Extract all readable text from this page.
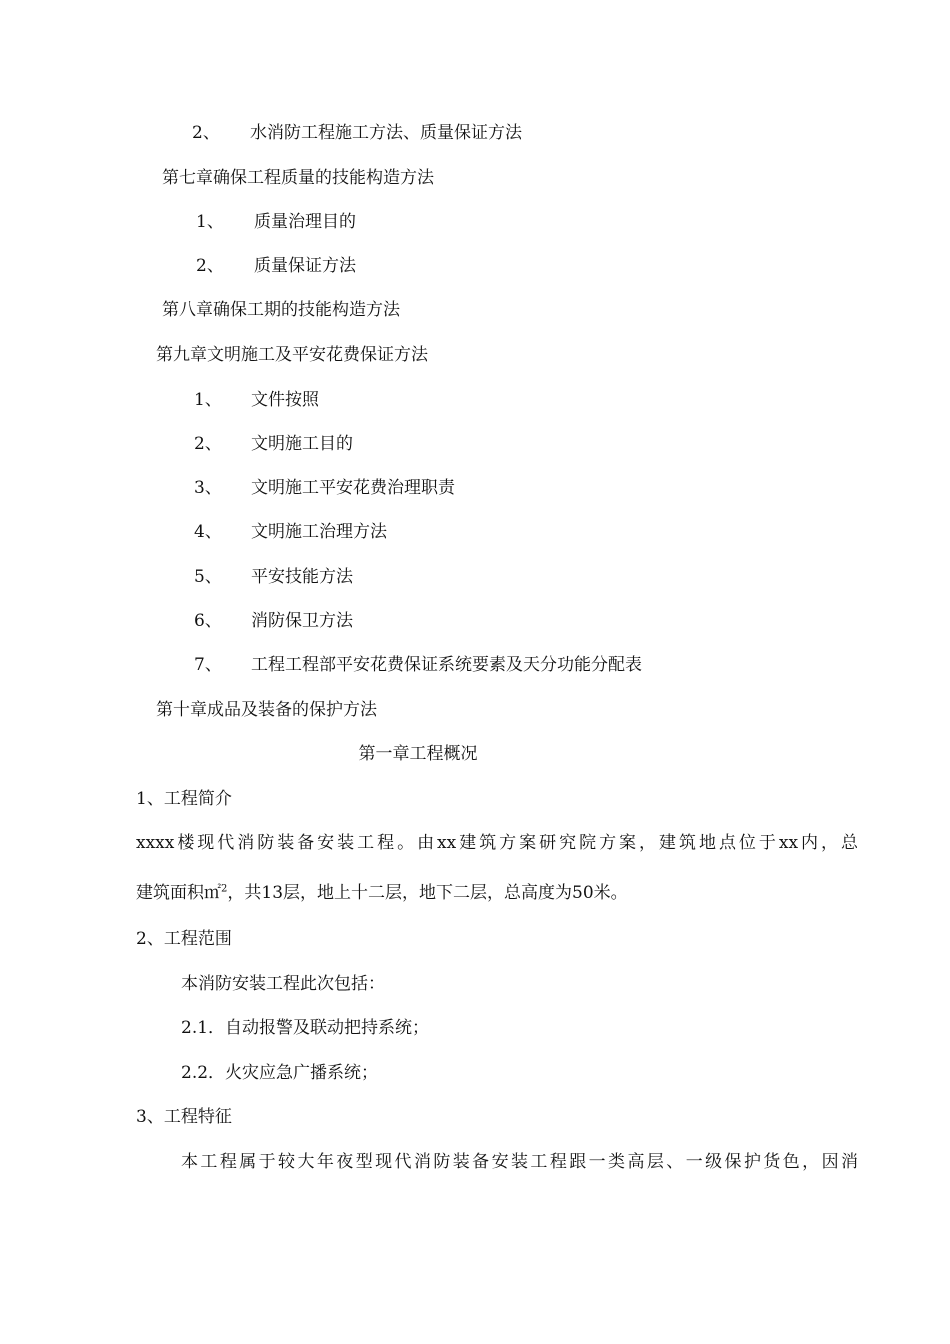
2、 水消防工程施工方法、质量保证方法
第七章确保工程质量的技能构造方法
1、 质量治理目的
2、 质量保证方法
第八章确保工期的技能构造方法
第九章文明施工及平安花费保证方法
1、 文件按照
2、 文明施工目的
3、 文明施工平安花费治理职责
4、 文明施工治理方法
5、 平安技能方法
6、 消防保卫方法
7、 工程工程部平安花费保证系统要素及天分功能分配表
第十章成品及装备的保护方法
第一章工程概况
1、工程简介
xxxx楼现代消防装备安装工程。由xx建筑方案研究院方案，建筑地点位于xx内，总
建筑面积㎡$^2$，共13层，地上十二层，地下二层，总高度为50米。
2、工程范围
本消防安装工程此次包括：
2.1．自动报警及联动把持系统；
2.2．火灾应急广播系统；
3、工程特征
本工程属于较大年夜型现代消防装备安装工程跟一类高层、一级保护货色，因消
